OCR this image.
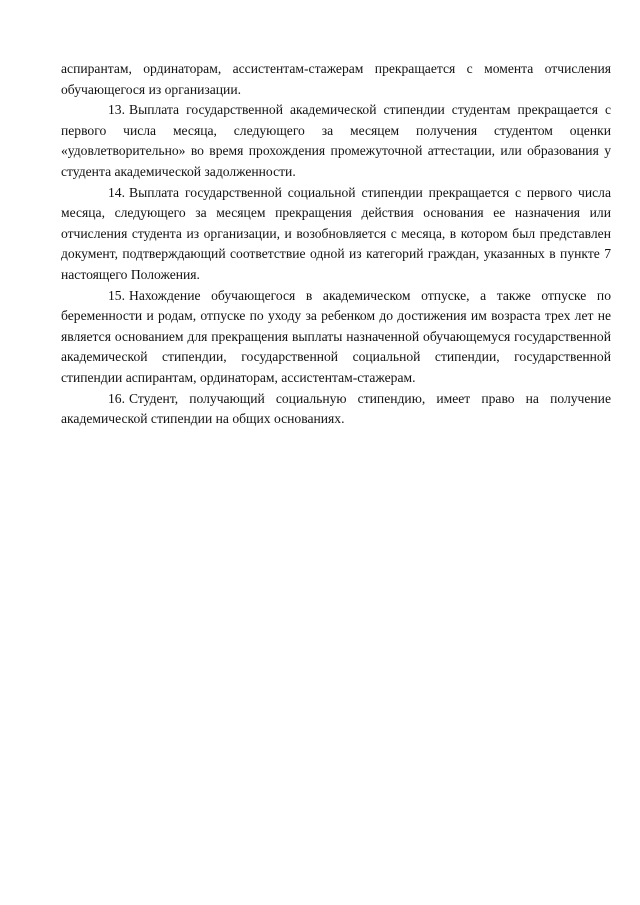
аспирантам, ординаторам, ассистентам-стажерам прекращается с момента отчисления обучающегося из организации.

13. Выплата государственной академической стипендии студентам прекращается с первого числа месяца, следующего за месяцем получения студентом оценки «удовлетворительно» во время прохождения промежуточной аттестации, или образования у студента академической задолженности.

14. Выплата государственной социальной стипендии прекращается с первого числа месяца, следующего за месяцем прекращения действия основания ее назначения или отчисления студента из организации, и возобновляется с месяца, в котором был представлен документ, подтверждающий соответствие одной из категорий граждан, указанных в пункте 7 настоящего Положения.

15. Нахождение обучающегося в академическом отпуске, а также отпуске по беременности и родам, отпуске по уходу за ребенком до достижения им возраста трех лет не является основанием для прекращения выплаты назначенной обучающемуся государственной академической стипендии, государственной социальной стипендии, государственной стипендии аспирантам, ординаторам, ассистентам-стажерам.

16. Студент, получающий социальную стипендию, имеет право на получение академической стипендии на общих основаниях.
